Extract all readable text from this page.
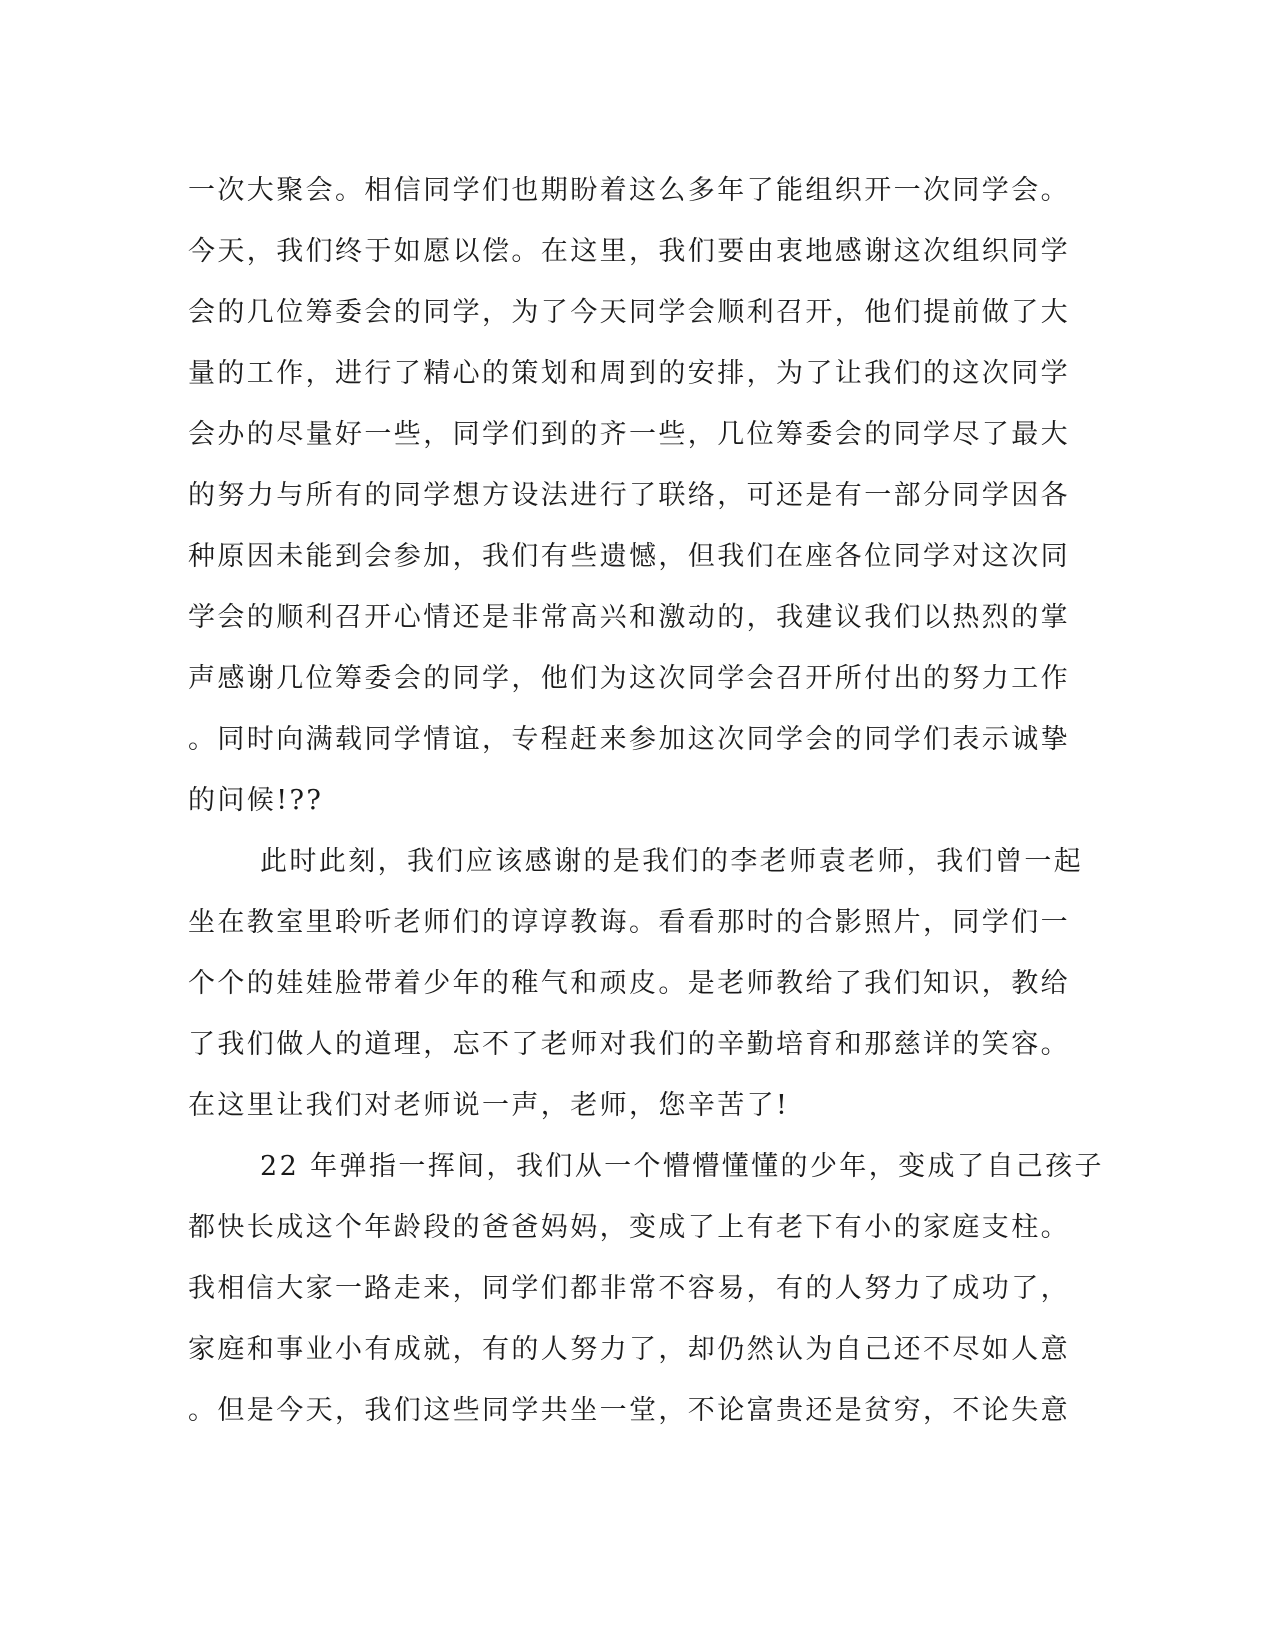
一次大聚会。相信同学们也期盼着这么多年了能组织开一次同学会。
今天，我们终于如愿以偿。在这里，我们要由衷地感谢这次组织同学
会的几位筹委会的同学，为了今天同学会顺利召开，他们提前做了大
量的工作，进行了精心的策划和周到的安排，为了让我们的这次同学
会办的尽量好一些，同学们到的齐一些，几位筹委会的同学尽了最大
的努力与所有的同学想方设法进行了联络，可还是有一部分同学因各
种原因未能到会参加，我们有些遗憾，但我们在座各位同学对这次同
学会的顺利召开心情还是非常高兴和激动的，我建议我们以热烈的掌
声感谢几位筹委会的同学，他们为这次同学会召开所付出的努力工作
。同时向满载同学情谊，专程赶来参加这次同学会的同学们表示诚挚
的问候!??
此时此刻，我们应该感谢的是我们的李老师袁老师，我们曾一起
坐在教室里聆听老师们的谆谆教诲。看看那时的合影照片，同学们一
个个的娃娃脸带着少年的稚气和顽皮。是老师教给了我们知识，教给
了我们做人的道理，忘不了老师对我们的辛勤培育和那慈详的笑容。
在这里让我们对老师说一声，老师，您辛苦了!
22 年弹指一挥间，我们从一个懵懵懂懂的少年，变成了自己孩子
都快长成这个年龄段的爸爸妈妈，变成了上有老下有小的家庭支柱。
我相信大家一路走来，同学们都非常不容易，有的人努力了成功了，
家庭和事业小有成就，有的人努力了，却仍然认为自己还不尽如人意
。但是今天，我们这些同学共坐一堂，不论富贵还是贫穷，不论失意
